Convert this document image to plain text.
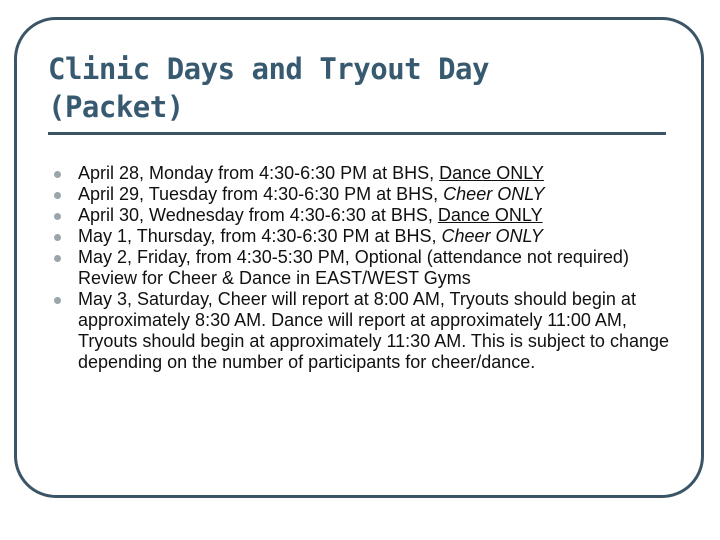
Clinic Days and Tryout Day
(Packet)
April 28, Monday from 4:30-6:30 PM at BHS, Dance ONLY
April 29, Tuesday from 4:30-6:30 PM at BHS, Cheer ONLY
April 30, Wednesday from 4:30-6:30 at BHS, Dance ONLY
May 1, Thursday, from 4:30-6:30 PM at BHS, Cheer ONLY
May 2, Friday, from 4:30-5:30 PM, Optional (attendance not required) Review for Cheer & Dance in EAST/WEST Gyms
May 3, Saturday, Cheer will report at 8:00 AM, Tryouts should begin at approximately 8:30 AM. Dance will report at approximately 11:00 AM, Tryouts should begin at approximately 11:30 AM. This is subject to change depending on the number of participants for cheer/dance.
